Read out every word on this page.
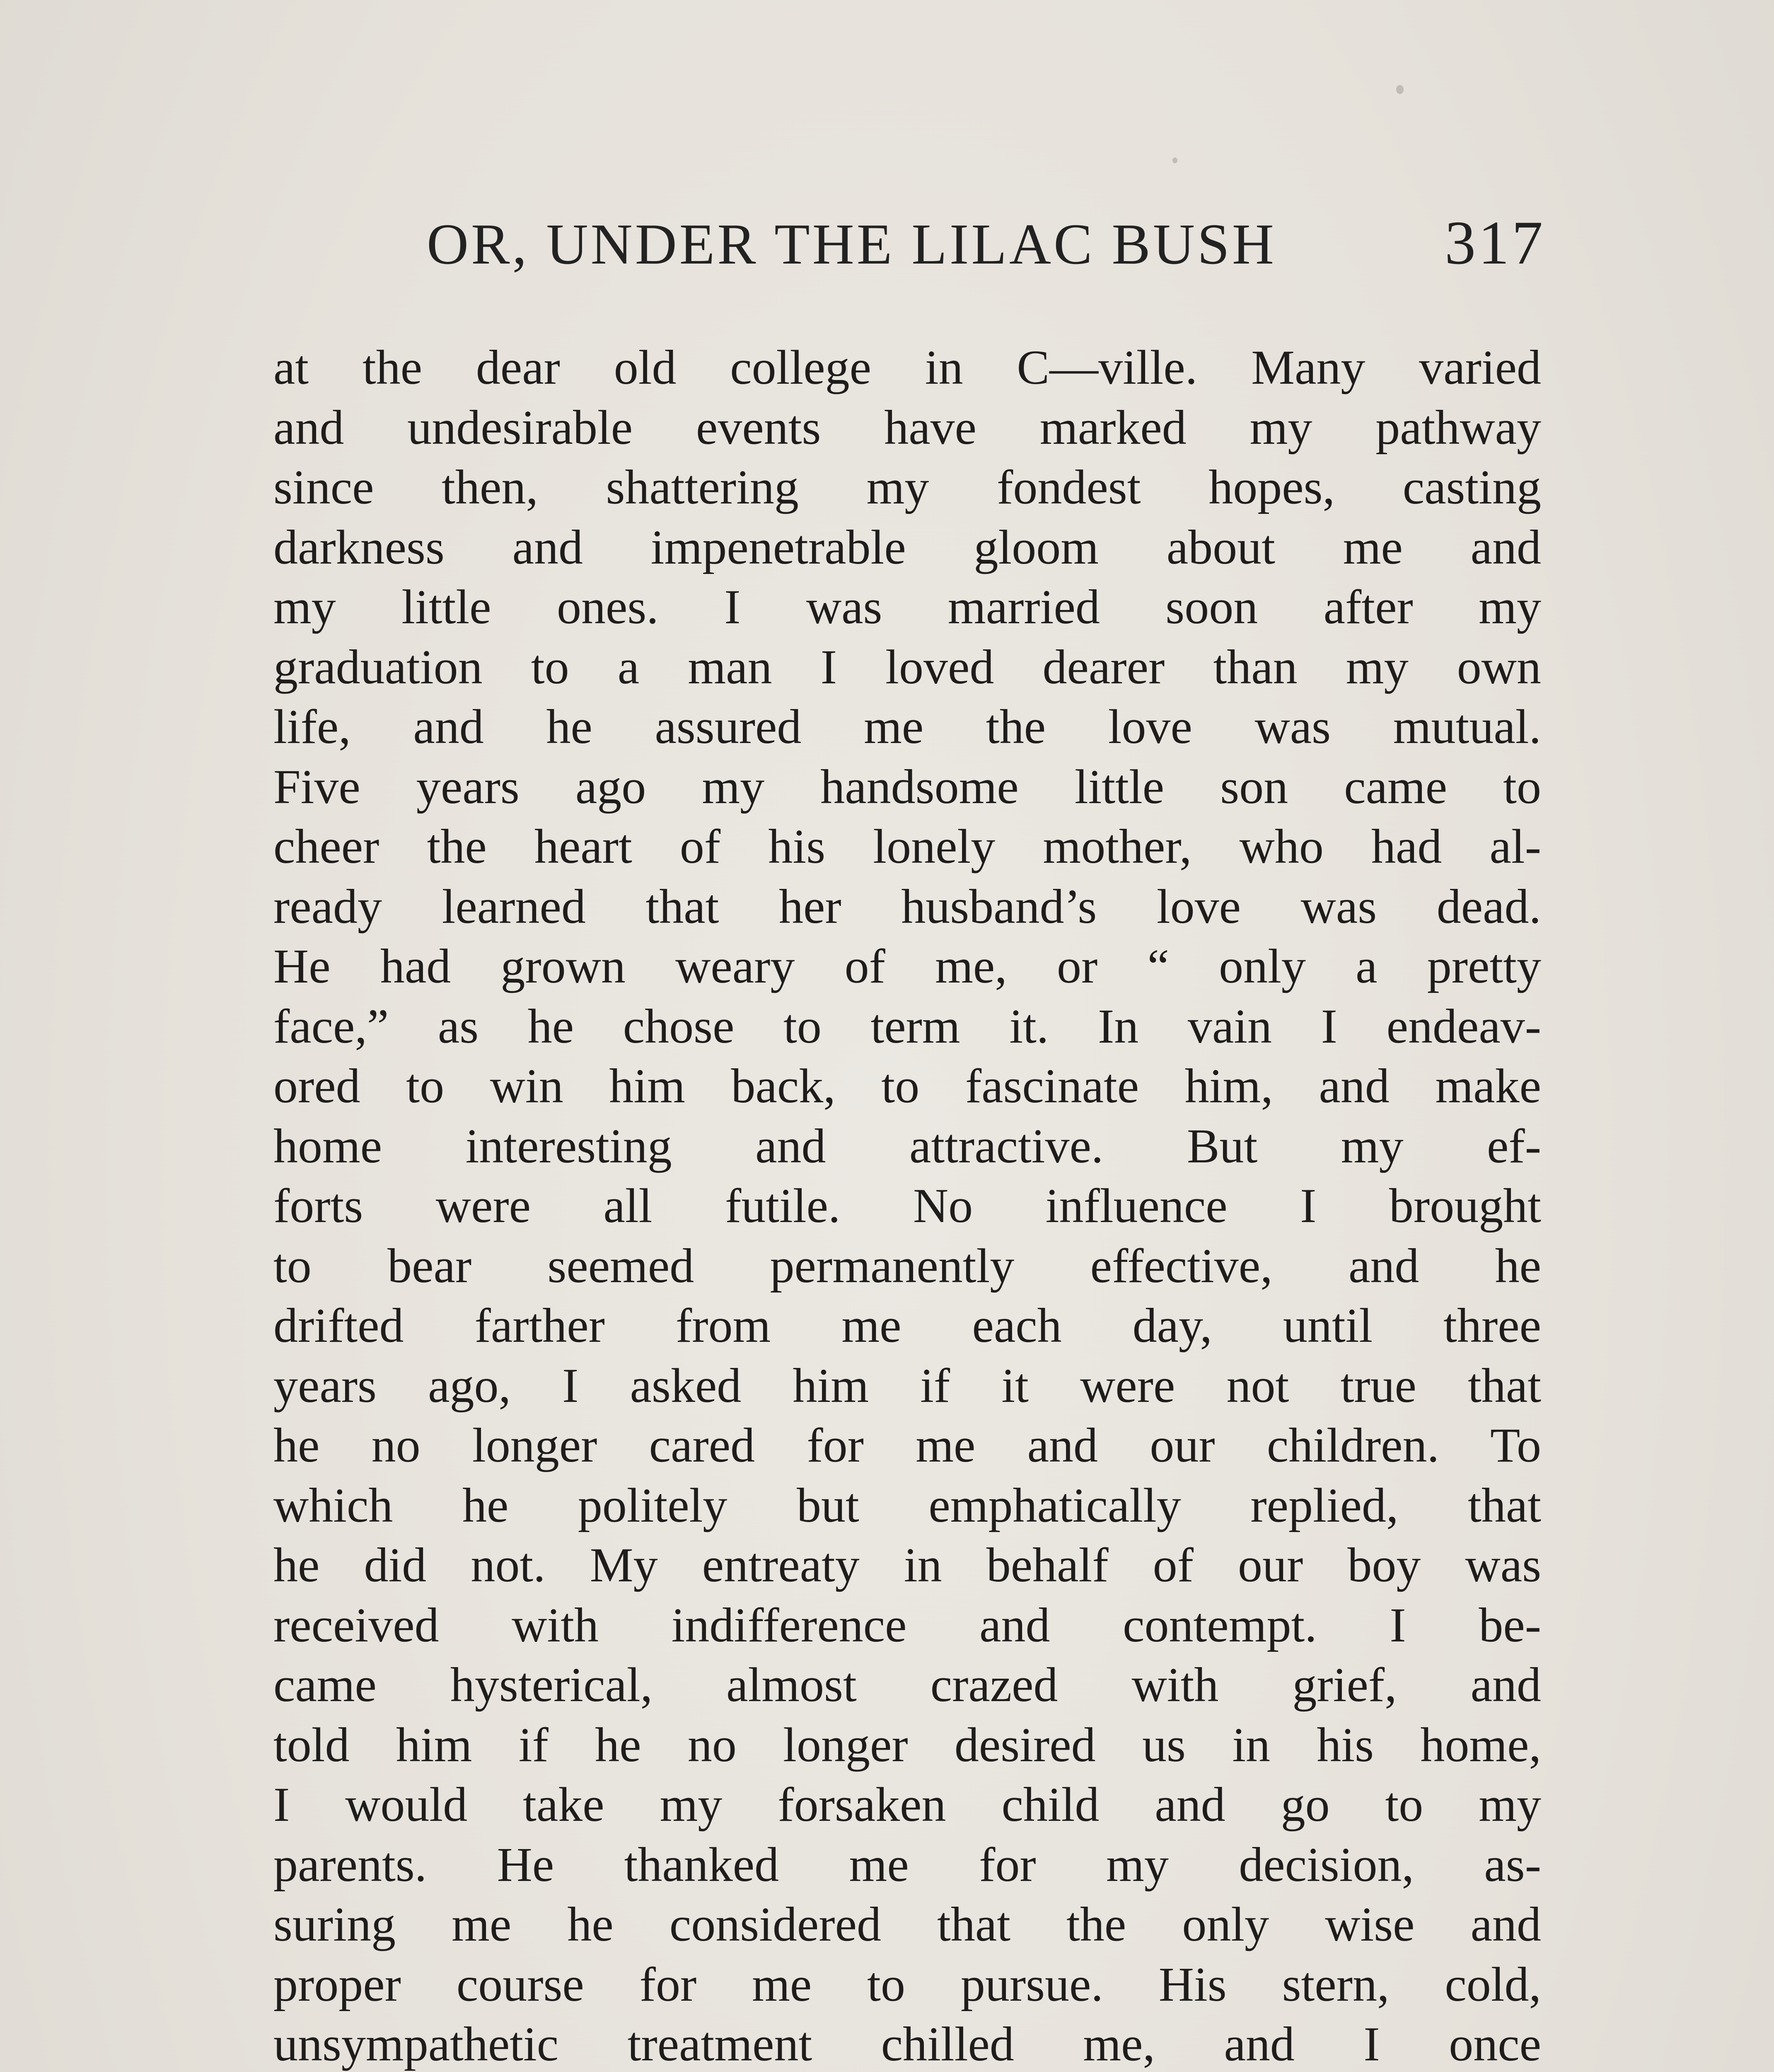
OR, UNDER THE LILAC BUSH	317
at the dear old college in C—ville. Many varied
and undesirable events have marked my pathway
since then, shattering my fondest hopes, casting
darkness and impenetrable gloom about me and
my little ones. I was married soon after my
graduation to a man I loved dearer than my own
life, and he assured me the love was mutual.
Five years ago my handsome little son came to
cheer the heart of his lonely mother, who had al-
ready learned that her husband’s love was dead.
He had grown weary of me, or “ only a pretty
face,” as he chose to term it. In vain I endeav-
ored to win him back, to fascinate him, and make
home interesting and attractive. But my ef-
forts were all futile. No influence I brought
to bear seemed permanently effective, and he
drifted farther from me each day, until three
years ago, I asked him if it were not true that
he no longer cared for me and our children. To
which he politely but emphatically replied, that
he did not. My entreaty in behalf of our boy was
received with indifference and contempt. I be-
came hysterical, almost crazed with grief, and
told him if he no longer desired us in his home,
I would take my forsaken child and go to my
parents. He thanked me for my decision, as-
suring me he considered that the only wise and
proper course for me to pursue. His stern, cold,
unsympathetic treatment chilled me, and I once
